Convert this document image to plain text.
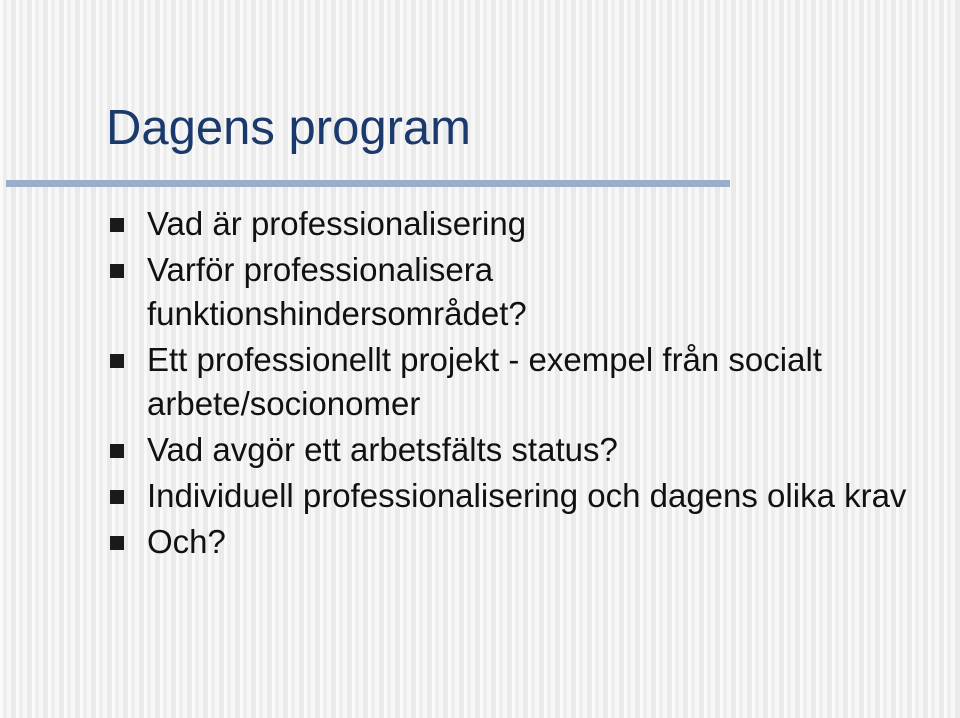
Dagens program
Vad är professionalisering
Varför professionalisera funktionshindersområdet?
Ett professionellt projekt - exempel från socialt arbete/socionomer
Vad avgör ett arbetsfälts status?
Individuell professionalisering och dagens olika krav
Och?
